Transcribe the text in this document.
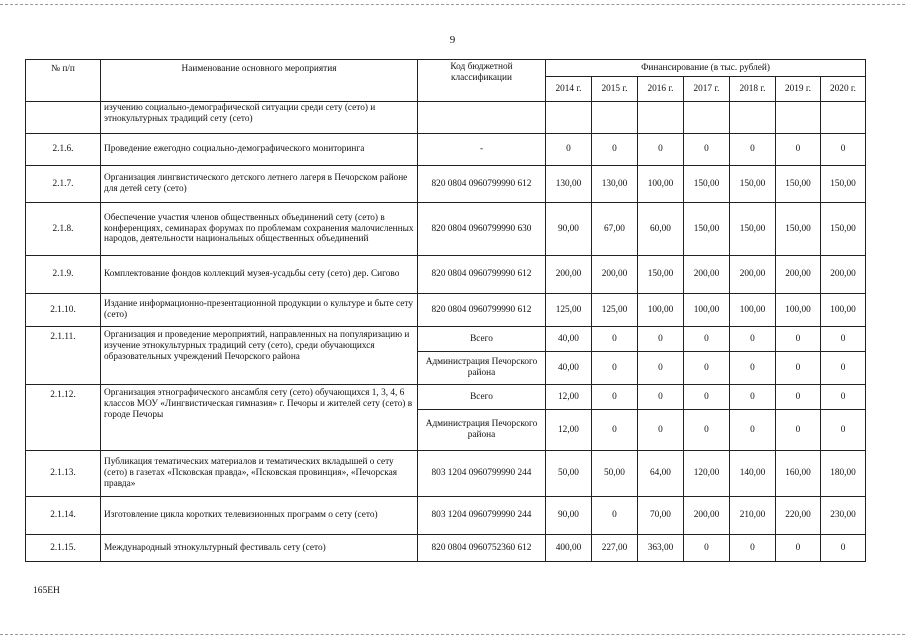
9
№ п/п	Наименование основного мероприятия	Код бюджетной классификации	Финансирование (в тыс. рублей)						
			2014 г.	2015 г.	2016 г.	2017 г.	2018 г.	2019 г.	2020 г.
	изучению социально-демографической ситуации среди сету (сето) и этнокультурных традиций сету (сето)								
2.1.6.	Проведение ежегодно социально-демографического мониторинга	-	0	0	0	0	0	0	0
2.1.7.	Организация лингвистического детского летнего лагеря в Печорском районе для детей сету (сето)	820 0804 0960799990 612	130,00	130,00	100,00	150,00	150,00	150,00	150,00
2.1.8.	Обеспечение участия членов общественных объединений сету (сето) в конференциях, семинарах форумах по проблемам сохранения малочисленных народов, деятельности национальных общественных объединений	820 0804 0960799990 630	90,00	67,00	60,00	150,00	150,00	150,00	150,00
2.1.9.	Комплектование фондов коллекций музея-усадьбы сету (сето) дер. Сигово	820 0804 0960799990 612	200,00	200,00	150,00	200,00	200,00	200,00	200,00
2.1.10.	Издание информационно-презентационной продукции о культуре и быте сету (сето)	820 0804 0960799990 612	125,00	125,00	100,00	100,00	100,00	100,00	100,00
2.1.11.	Организация и проведение мероприятий, направленных на популяризацию и изучение этнокультурных традиций сету (сето), среди обучающихся образовательных учреждений Печорского района	Всего	40,00	0	0	0	0	0	0
		Администрация Печорского района	40,00	0	0	0	0	0	0
2.1.12.	Организация этнографического ансамбля сету (сето) обучающихся 1, 3, 4, 6 классов МОУ «Лингвистическая гимназия» г. Печоры и жителей сету (сето) в городе Печоры	Всего	12,00	0	0	0	0	0	0
		Администрация Печорского района	12,00	0	0	0	0	0	0
2.1.13.	Публикация тематических материалов и тематических вкладышей о сету (сето) в газетах «Псковская правда», «Псковская провинция», «Печорская правда»	803 1204 0960799990 244	50,00	50,00	64,00	120,00	140,00	160,00	180,00
2.1.14.	Изготовление цикла коротких телевизионных программ о сету (сето)	803 1204 0960799990 244	90,00	0	70,00	200,00	210,00	220,00	230,00
2.1.15.	Международный этнокультурный фестиваль сету (сето)	820 0804 0960752360 612	400,00	227,00	363,00	0	0	0	0
165ЕН
